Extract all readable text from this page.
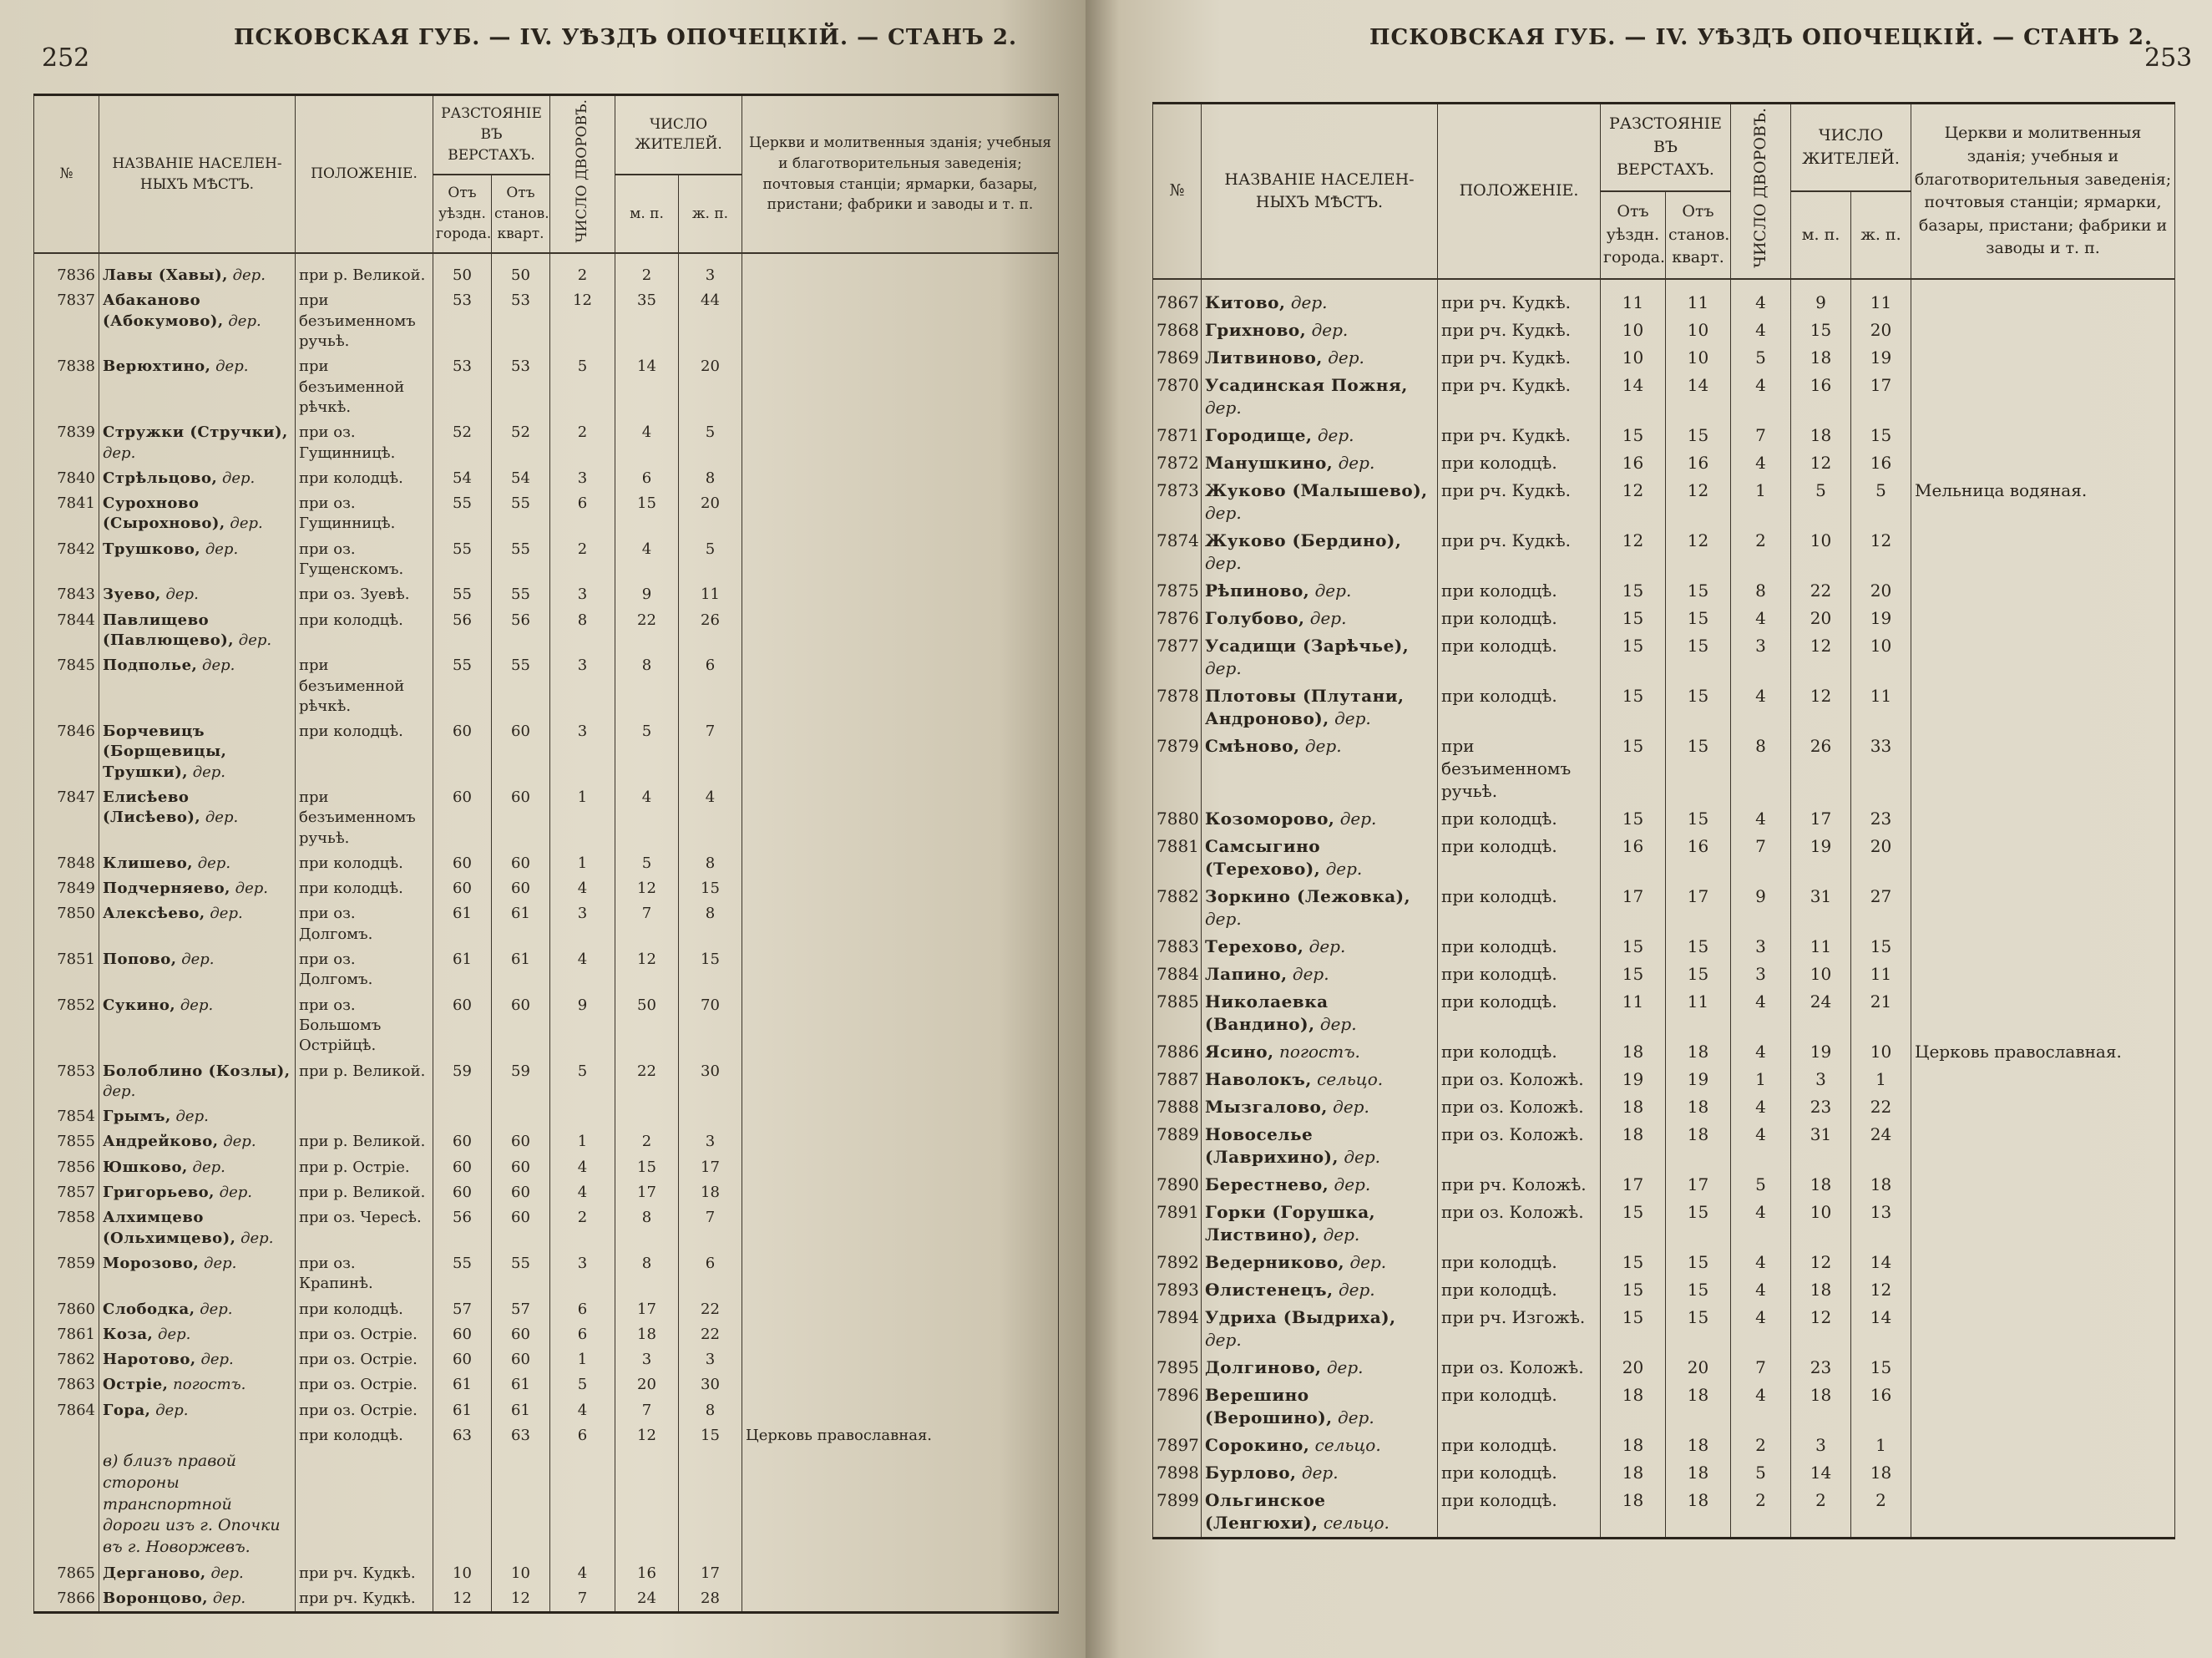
252
ПСКОВСКАЯ ГУБ. — IV. УѢЗДЪ ОПОЧЕЦКІЙ. — СТАНЪ 2.
№	НАЗВАНІЕ НАСЕЛЕН-НЫХЪ МѢСТЪ.	ПОЛОЖЕНІЕ.	РАЗСТОЯНІЕ ВЪ ВЕРСТАХЪ.		ЧИСЛО ДВОРОВЪ.	ЧИСЛО ЖИТЕЛЕЙ.		Церкви и молитвенныя зданія; учебныя и благотворительныя заведенія; почтовыя станціи; ярмарки, базары, пристани; фабрики и заводы и т. п.
			Отъ уѣздн. города.	Отъ станов. кварт.		м. п.	ж. п.	
7836	Лавы (Хавы), дер.	при р. Великой.	50	50	2	2	3	
7837	Абаканово (Абокумово), дер.	при безъименномъ ручьѣ.	53	53	12	35	44	
7838	Верюхтино, дер.	при безъименной рѣчкѣ.	53	53	5	14	20	
7839	Стружки (Стручки), дер.	при оз. Гущинницѣ.	52	52	2	4	5	
7840	Стрѣльцово, дер.	при колодцѣ.	54	54	3	6	8	
7841	Сурохново (Сырохново), дер.	при оз. Гущинницѣ.	55	55	6	15	20	
7842	Трушково, дер.	при оз. Гущенскомъ.	55	55	2	4	5	
7843	Зуево, дер.	при оз. Зуевѣ.	55	55	3	9	11	
7844	Павлищево (Павлющево), дер.	при колодцѣ.	56	56	8	22	26	
7845	Подполье, дер.	при безъименной рѣчкѣ.	55	55	3	8	6	
7846	Борчевицъ (Борщевицы, Трушки), дер.	при колодцѣ.	60	60	3	5	7	
7847	Елисѣево (Лисѣево), дер.	при безъименномъ ручьѣ.	60	60	1	4	4	
7848	Клишево, дер.	при колодцѣ.	60	60	1	5	8	
7849	Подчерняево, дер.	при колодцѣ.	60	60	4	12	15	
7850	Алексѣево, дер.	при оз. Долгомъ.	61	61	3	7	8	
7851	Попово, дер.	при оз. Долгомъ.	61	61	4	12	15	
7852	Сукино, дер.	при оз. Большомъ Острійцѣ.	60	60	9	50	70	
7853	Болоблино (Козлы), дер.	при р. Великой.	59	59	5	22	30	
7854	Грымъ, дер.							
7855	Андрейково, дер.	при р. Великой.	60	60	1	2	3	
7856	Юшково, дер.	при р. Остріе.	60	60	4	15	17	
7857	Григорьево, дер.	при р. Великой.	60	60	4	17	18	
7858	Алхимцево (Ольхимцево), дер.	при оз. Чересѣ.	56	60	2	8	7	
7859	Морозово, дер.	при оз. Крапинѣ.	55	55	3	8	6	
7860	Слободка, дер.	при колодцѣ.	57	57	6	17	22	
7861	Коза, дер.	при оз. Остріе.	60	60	6	18	22	
7862	Наротово, дер.	при оз. Остріе.	60	60	1	3	3	
7863	Остріе, погостъ.	при оз. Остріе.	61	61	5	20	30	
7864	Гора, дер.	при оз. Остріе.	61	61	4	7	8	
		при колодцѣ.	63	63	6	12	15	Церковь православная.
	в) близъ правой стороны транспортной дороги изъ г. Опочки въ г. Новоржевъ.							
7865	Дерганово, дер.	при рч. Кудкѣ.	10	10	4	16	17	
7866	Воронцово, дер.	при рч. Кудкѣ.	12	12	7	24	28	
ПСКОВСКАЯ ГУБ. — IV. УѢЗДЪ ОПОЧЕЦКІЙ. — СТАНЪ 2.
253
№	НАЗВАНІЕ НАСЕЛЕН-НЫХЪ МѢСТЪ.	ПОЛОЖЕНІЕ.	РАЗСТОЯНІЕ ВЪ ВЕРСТАХЪ.		ЧИСЛО ДВОРОВЪ.	ЧИСЛО ЖИТЕЛЕЙ.		Церкви и молитвенныя зданія; учебныя и благотворительныя заведенія; почтовыя станціи; ярмарки, базары, пристани; фабрики и заводы и т. п.
			Отъ уѣздн. города.	Отъ станов. кварт.		м. п.	ж. п.	
7867	Китово, дер.	при рч. Кудкѣ.	11	11	4	9	11	
7868	Грихново, дер.	при рч. Кудкѣ.	10	10	4	15	20	
7869	Литвиново, дер.	при рч. Кудкѣ.	10	10	5	18	19	
7870	Усадинская Пожня, дер.	при рч. Кудкѣ.	14	14	4	16	17	
7871	Городище, дер.	при рч. Кудкѣ.	15	15	7	18	15	
7872	Манушкино, дер.	при колодцѣ.	16	16	4	12	16	
7873	Жуково (Малышево), дер.	при рч. Кудкѣ.	12	12	1	5	5	Мельница водяная.
7874	Жуково (Бердино), дер.	при рч. Кудкѣ.	12	12	2	10	12	
7875	Рѣпиново, дер.	при колодцѣ.	15	15	8	22	20	
7876	Голубово, дер.	при колодцѣ.	15	15	4	20	19	
7877	Усадищи (Зарѣчье), дер.	при колодцѣ.	15	15	3	12	10	
7878	Плотовы (Плутани, Андроново), дер.	при колодцѣ.	15	15	4	12	11	
7879	Смѣново, дер.	при безъименномъ ручьѣ.	15	15	8	26	33	
7880	Козоморово, дер.	при колодцѣ.	15	15	4	17	23	
7881	Самсыгино (Терехово), дер.	при колодцѣ.	16	16	7	19	20	
7882	Зоркино (Лежовка), дер.	при колодцѣ.	17	17	9	31	27	
7883	Терехово, дер.	при колодцѣ.	15	15	3	11	15	
7884	Лапино, дер.	при колодцѣ.	15	15	3	10	11	
7885	Николаевка (Вандино), дер.	при колодцѣ.	11	11	4	24	21	
7886	Ясино, погостъ.	при колодцѣ.	18	18	4	19	10	Церковь православная.
7887	Наволокъ, сельцо.	при оз. Коложѣ.	19	19	1	3	1	
7888	Мызгалово, дер.	при оз. Коложѣ.	18	18	4	23	22	
7889	Новоселье (Лаврихино), дер.	при оз. Коложѣ.	18	18	4	31	24	
7890	Берестнево, дер.	при рч. Коложѣ.	17	17	5	18	18	
7891	Горки (Горушка, Листвино), дер.	при оз. Коложѣ.	15	15	4	10	13	
7892	Ведерниково, дер.	при колодцѣ.	15	15	4	12	14	
7893	Ѳлистенецъ, дер.	при колодцѣ.	15	15	4	18	12	
7894	Удриха (Выдриха), дер.	при рч. Изгожѣ.	15	15	4	12	14	
7895	Долгиново, дер.	при оз. Коложѣ.	20	20	7	23	15	
7896	Верешино (Верошино), дер.	при колодцѣ.	18	18	4	18	16	
7897	Сорокино, сельцо.	при колодцѣ.	18	18	2	3	1	
7898	Бурлово, дер.	при колодцѣ.	18	18	5	14	18	
7899	Ольгинское (Ленгюхи), сельцо.	при колодцѣ.	18	18	2	2	2	
